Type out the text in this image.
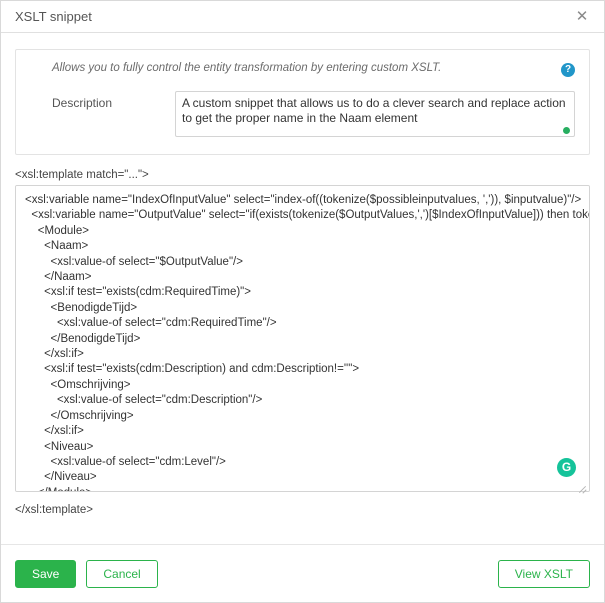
XSLT snippet	✕
Allows you to fully control the entity transformation by entering custom XSLT.	?
Description
A custom snippet that allows us to do a clever search and replace action to get the proper name in the Naam element
<xsl:template match="...">
<xsl:variable name="IndexOfInputValue" select="index-of((tokenize($possibleinputvalues, ',')), $inputvalue)"/> <xsl:variable name="OutputValue" select="if(exists(tokenize($OutputValues,',')[$IndexOfInputValue])) then tokenize($OutputValues,',')[$IndexOfInputValue] else 'unknown'"/> <Module> <Naam> <xsl:value-of select="$OutputValue"/> </Naam> <xsl:if test="exists(cdm:RequiredTime)"> <BenodigdeTijd> <xsl:value-of select="cdm:RequiredTime"/> </BenodigdeTijd> </xsl:if> <xsl:if test="exists(cdm:Description) and cdm:Description!=''"> <Omschrijving> <xsl:value-of select="cdm:Description"/> </Omschrijving> </xsl:if> <Niveau> <xsl:value-of select="cdm:Level"/> </Niveau> </Module>
G
</xsl:template>
Save	Cancel	View XSLT
